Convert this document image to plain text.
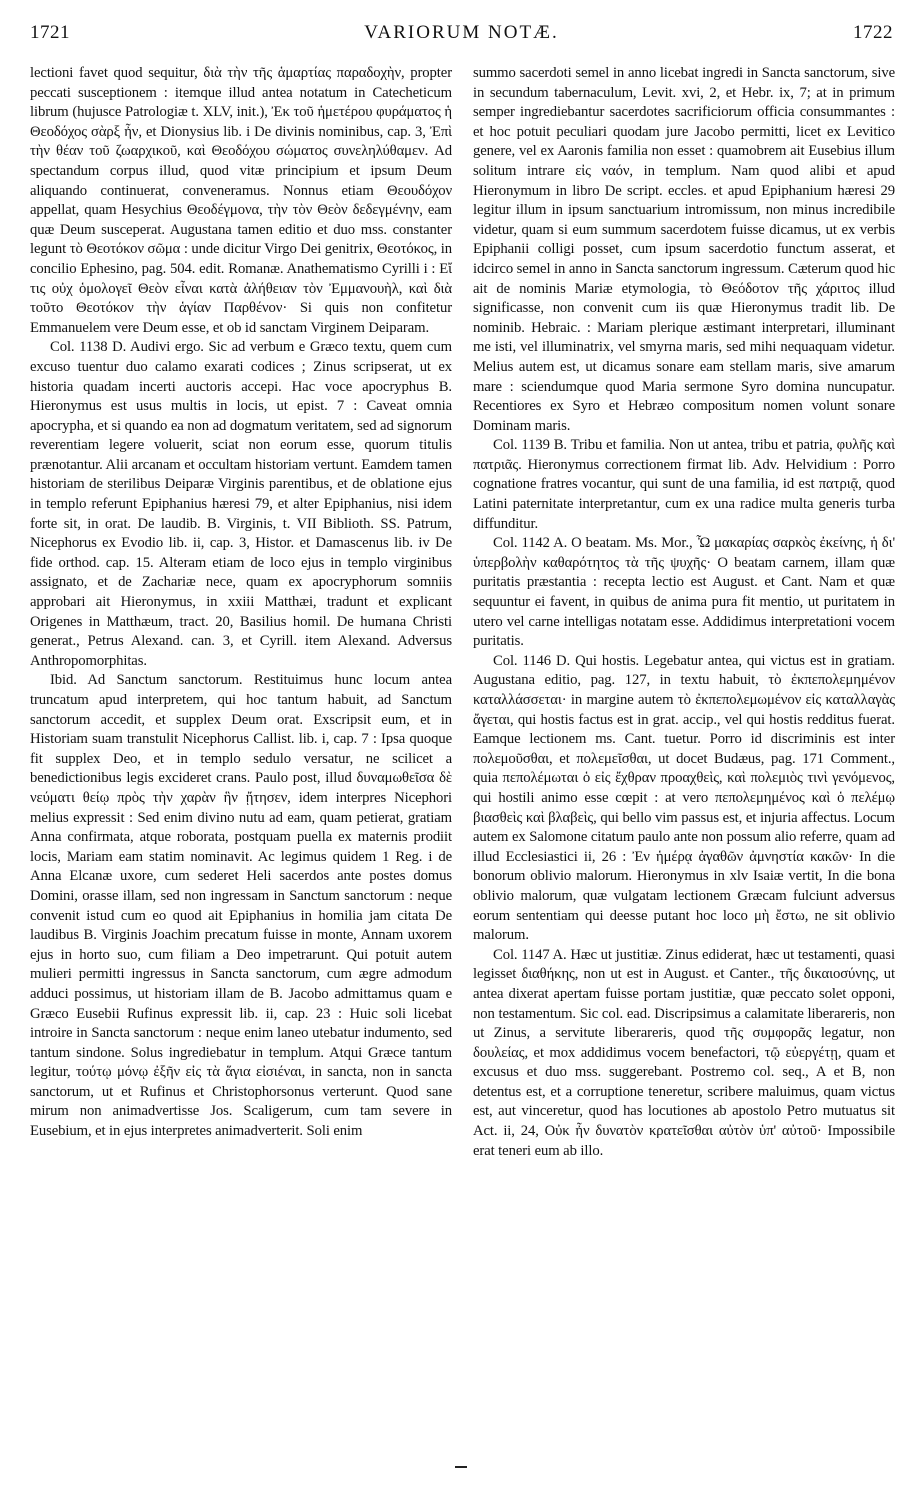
1721	VARIORUM NOTÆ.	1722

lectioni favet quod sequitur, διὰ τὴν τῆς ἁμαρτίας παραδοχὴν, propter peccati susceptionem : itemque illud antea notatum in Catecheticum librum (hujusce Patrologiæ t. XLV, init.), Ἐκ τοῦ ἡμετέρου φυράματος ἡ Θεοδόχος σὰρξ ἦν, et Dionysius lib. i De divinis nominibus, cap. 3, Ἐπὶ τὴν θέαν τοῦ ζωαρχικοῦ, καὶ Θεοδόχου σώματος συνεληλύθαμεν. Ad spectandum corpus illud, quod vitæ principium et ipsum Deum aliquando continuerat, conveneramus. Nonnus etiam Θεουδόχον appellat, quam Hesychius Θεοδέγμονα, τὴν τὸν Θεὸν δεδεγμένην, eam quæ Deum susceperat. Augustana tamen editio et duo mss. constanter legunt τὸ Θεοτόκον σῶμα : unde dicitur Virgo Dei genitrix, Θεοτόκος, in concilio Ephesino, pag. 504. edit. Romanæ. Anathematismo Cyrilli i : Εἴ τις οὐχ ὁμολογεῖ Θεὸν εἶναι κατὰ ἀλήθειαν τὸν Ἐμμανουὴλ, καὶ διὰ τοῦτο Θεοτόκον τὴν ἁγίαν Παρθένον· Si quis non confitetur Emmanuelem vere Deum esse, et ob id sanctam Virginem Deiparam.

Col. 1138 D. Audivi ergo. Sic ad verbum e Græco textu, quem cum excuso tuentur duo calamo exarati codices ; Zinus scripserat, ut ex historia quadam incerti auctoris accepi. Hac voce apocryphus B. Hieronymus est usus multis in locis, ut epist. 7 : Caveat omnia apocrypha, et si quando ea non ad dogmatum veritatem, sed ad signorum reverentiam legere voluerit, sciat non eorum esse, quorum titulis prænotantur. Alii arcanam et occultam historiam vertunt. Eamdem tamen historiam de sterilibus Deiparæ Virginis parentibus, et de oblatione ejus in templo referunt Epiphanius hæresi 79, et alter Epiphanius, nisi idem forte sit, in orat. De laudib. B. Virginis, t. VII Biblioth. SS. Patrum, Nicephorus ex Evodio lib. ii, cap. 3, Histor. et Damascenus lib. iv De fide orthod. cap. 15. Alteram etiam de loco ejus in templo virginibus assignato, et de Zachariæ nece, quam ex apocryphorum somniis approbari ait Hieronymus, in xxiii Matthæi, tradunt et explicant Origenes in Matthæum, tract. 20, Basilius homil. De humana Christi generat., Petrus Alexand. can. 3, et Cyrill. item Alexand. Adversus Anthropomorphitas.

Ibid. Ad Sanctum sanctorum. Restituimus hunc locum antea truncatum apud interpretem, qui hoc tantum habuit, ad Sanctum sanctorum accedit, et supplex Deum orat. Exscripsit eum, et in Historiam suam transtulit Nicephorus Callist. lib. i, cap. 7 : Ipsa quoque fit supplex Deo, et in templo sedulo versatur, ne scilicet a benedictionibus legis excideret crans. Paulo post, illud δυναμωθεῖσα δὲ νεύματι θείῳ πρὸς τὴν χαρὰν ἣν ᾔτησεν, idem interpres Nicephori melius expressit : Sed enim divino nutu ad eam, quam petierat, gratiam Anna confirmata, atque roborata, postquam puella ex maternis prodiit locis, Mariam eam statim nominavit. Ac legimus quidem 1 Reg. i de Anna Elcanæ uxore, cum sederet Heli sacerdos ante postes domus Domini, orasse illam, sed non ingressam in Sanctum sanctorum : neque convenit istud cum eo quod ait Epiphanius in homilia jam citata De laudibus B. Virginis Joachim precatum fuisse in monte, Annam uxorem ejus in horto suo, cum filiam a Deo impetrarunt. Qui potuit autem mulieri permitti ingressus in Sancta sanctorum, cum ægre admodum adduci possimus, ut historiam illam de B. Jacobo admittamus quam e Græco Eusebii Rufinus expressit lib. ii, cap. 23 : Huic soli licebat introire in Sancta sanctorum : neque enim laneo utebatur indumento, sed tantum sindone. Solus ingrediebatur in templum. Atqui Græce tantum legitur, τούτῳ μόνῳ ἐξῆν εἰς τὰ ἅγια εἰσιέναι, in sancta, non in sancta sanctorum, ut et Rufinus et Christophorsonus verterunt. Quod sane mirum non animadvertisse Jos. Scaligerum, cum tam severe in Eusebium, et in ejus interpretes animadverterit. Soli enim

summo sacerdoti semel in anno licebat ingredi in Sancta sanctorum, sive in secundum tabernaculum, Levit. xvi, 2, et Hebr. ix, 7; at in primum semper ingrediebantur sacerdotes sacrificiorum officia consummantes : et hoc potuit peculiari quodam jure Jacobo permitti, licet ex Levitico genere, vel ex Aaronis familia non esset : quamobrem ait Eusebius illum solitum intrare εἰς ναόν, in templum. Nam quod alibi et apud Hieronymum in libro De script. eccles. et apud Epiphanium hæresi 29 legitur illum in ipsum sanctuarium intromissum, non minus incredibile videtur, quam si eum summum sacerdotem fuisse dicamus, ut ex verbis Epiphanii colligi posset, cum ipsum sacerdotio functum asserat, et idcirco semel in anno in Sancta sanctorum ingressum. Cæterum quod hic ait de nominis Mariæ etymologia, τὸ Θεόδοτον τῆς χάριτος illud significasse, non convenit cum iis quæ Hieronymus tradit lib. De nominib. Hebraic. : Mariam plerique æstimant interpretari, illuminant me isti, vel illuminatrix, vel smyrna maris, sed mihi nequaquam videtur. Melius autem est, ut dicamus sonare eam stellam maris, sive amarum mare : sciendumque quod Maria sermone Syro domina nuncupatur. Recentiores ex Syro et Hebræo compositum nomen volunt sonare Dominam maris.

Col. 1139 B. Tribu et familia. Non ut antea, tribu et patria, φυλῆς καὶ πατριᾶς. Hieronymus correctionem firmat lib. Adv. Helvidium : Porro cognatione fratres vocantur, qui sunt de una familia, id est πατριᾷ, quod Latini paternitate interpretantur, cum ex una radice multa generis turba diffunditur.

Col. 1142 A. O beatam. Ms. Mor., Ὦ μακαρίας σαρκὸς ἐκείνης, ἡ δι' ὑπερβολὴν καθαρότητος τὰ τῆς ψυχῆς· O beatam carnem, illam quæ puritatis præstantia : recepta lectio est August. et Cant. Nam et quæ sequuntur ei favent, in quibus de anima pura fit mentio, ut puritatem in utero vel carne intelligas notatam esse. Addidimus interpretationi vocem puritatis.

Col. 1146 D. Qui hostis. Legebatur antea, qui victus est in gratiam. Augustana editio, pag. 127, in textu habuit, τὸ ἐκπεπολεμημένον καταλλάσσεται· in margine autem τὸ ἐκπεπολεμωμένον εἰς καταλλαγὰς ἄγεται, qui hostis factus est in grat. accip., vel qui hostis redditus fuerat. Eamque lectionem ms. Cant. tuetur. Porro id discriminis est inter πολεμοῦσθαι, et πολεμεῖσθαι, ut docet Budæus, pag. 171 Comment., quia πεπολέμωται ὁ εἰς ἔχθραν προαχθεὶς, καὶ πολεμιὸς τινὶ γενόμενος, qui hostili animo esse cœpit : at vero πεπολεμημένος καὶ ὁ πελέμῳ βιασθεὶς καὶ βλαβεὶς, qui bello vim passus est, et injuria affectus. Locum autem ex Salomone citatum paulo ante non possum alio referre, quam ad illud Ecclesiastici ii, 26 : Ἐν ἡμέρᾳ ἀγαθῶν ἀμνηστία κακῶν· In die bonorum oblivio malorum. Hieronymus in xlv Isaiæ vertit, In die bona oblivio malorum, quæ vulgatam lectionem Græcam fulciunt adversus eorum sententiam qui deesse putant hoc loco μὴ ἔστω, ne sit oblivio malorum.

Col. 1147 A. Hæc ut justitiæ. Zinus ediderat, hæc ut testamenti, quasi legisset διαθήκης, non ut est in August. et Canter., τῆς δικαιοσύνης, ut antea dixerat apertam fuisse portam justitiæ, quæ peccato solet opponi, non testamentum. Sic col. ead. Discripsimus a calamitate liberareris, non ut Zinus, a servitute liberareris, quod τῆς συμφορᾶς legatur, non δουλείας, et mox addidimus vocem benefactori, τῷ εὐεργέτῃ, quam et excusus et duo mss. suggerebant. Postremo col. seq., A et B, non detentus est, et a corruptione teneretur, scribere maluimus, quam victus est, aut vinceretur, quod has locutiones ab apostolo Petro mutuatus sit Act. ii, 24, Οὐκ ἦν δυνατὸν κρατεῖσθαι αὐτὸν ὑπ' αὐτοῦ· Impossibile erat teneri eum ab illo.
